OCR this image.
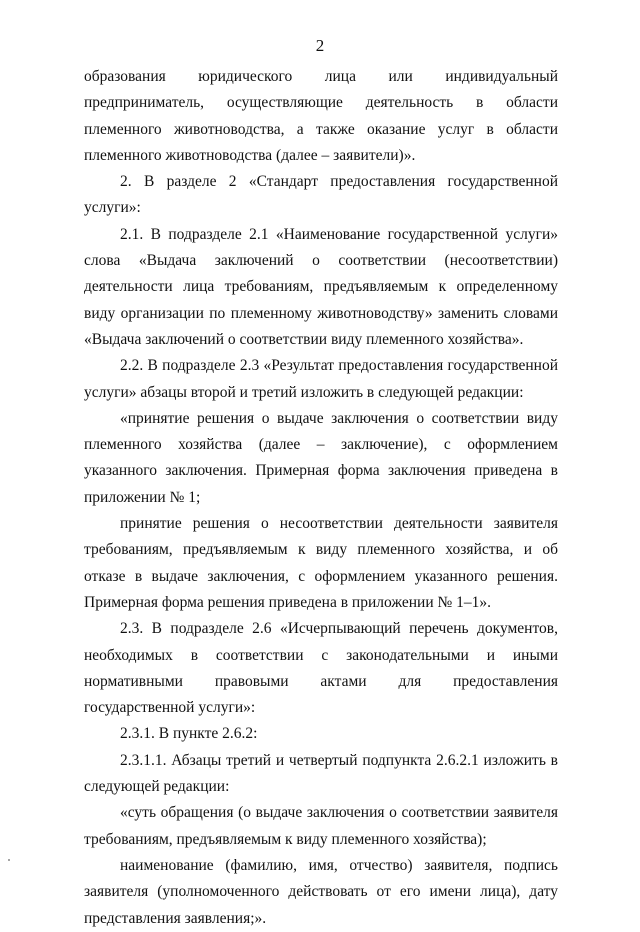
2

образования юридического лица или индивидуальный предприниматель, осуществляющие деятельность в области племенного животноводства, а также оказание услуг в области племенного животноводства (далее – заявители)».

2. В разделе 2 «Стандарт предоставления государственной услуги»:

2.1. В подразделе 2.1 «Наименование государственной услуги» слова «Выдача заключений о соответствии (несоответствии) деятельности лица требованиям, предъявляемым к определенному виду организации по племенному животноводству» заменить словами «Выдача заключений о соответствии виду племенного хозяйства».

2.2. В подразделе 2.3 «Результат предоставления государственной услуги» абзацы второй и третий изложить в следующей редакции:

«принятие решения о выдаче заключения о соответствии виду племенного хозяйства (далее – заключение), с оформлением указанного заключения. Примерная форма заключения приведена в приложении № 1;

принятие решения о несоответствии деятельности заявителя требованиям, предъявляемым к виду племенного хозяйства, и об отказе в выдаче заключения, с оформлением указанного решения. Примерная форма решения приведена в приложении № 1–1».

2.3. В подразделе 2.6 «Исчерпывающий перечень документов, необходимых в соответствии с законодательными и иными нормативными правовыми актами для предоставления государственной услуги»:

2.3.1. В пункте 2.6.2:

2.3.1.1. Абзацы третий и четвертый подпункта 2.6.2.1 изложить в следующей редакции:

«суть обращения (о выдаче заключения о соответствии заявителя требованиям, предъявляемым к виду племенного хозяйства);

наименование (фамилию, имя, отчество) заявителя, подпись заявителя (уполномоченного действовать от его имени лица), дату представления заявления;».
